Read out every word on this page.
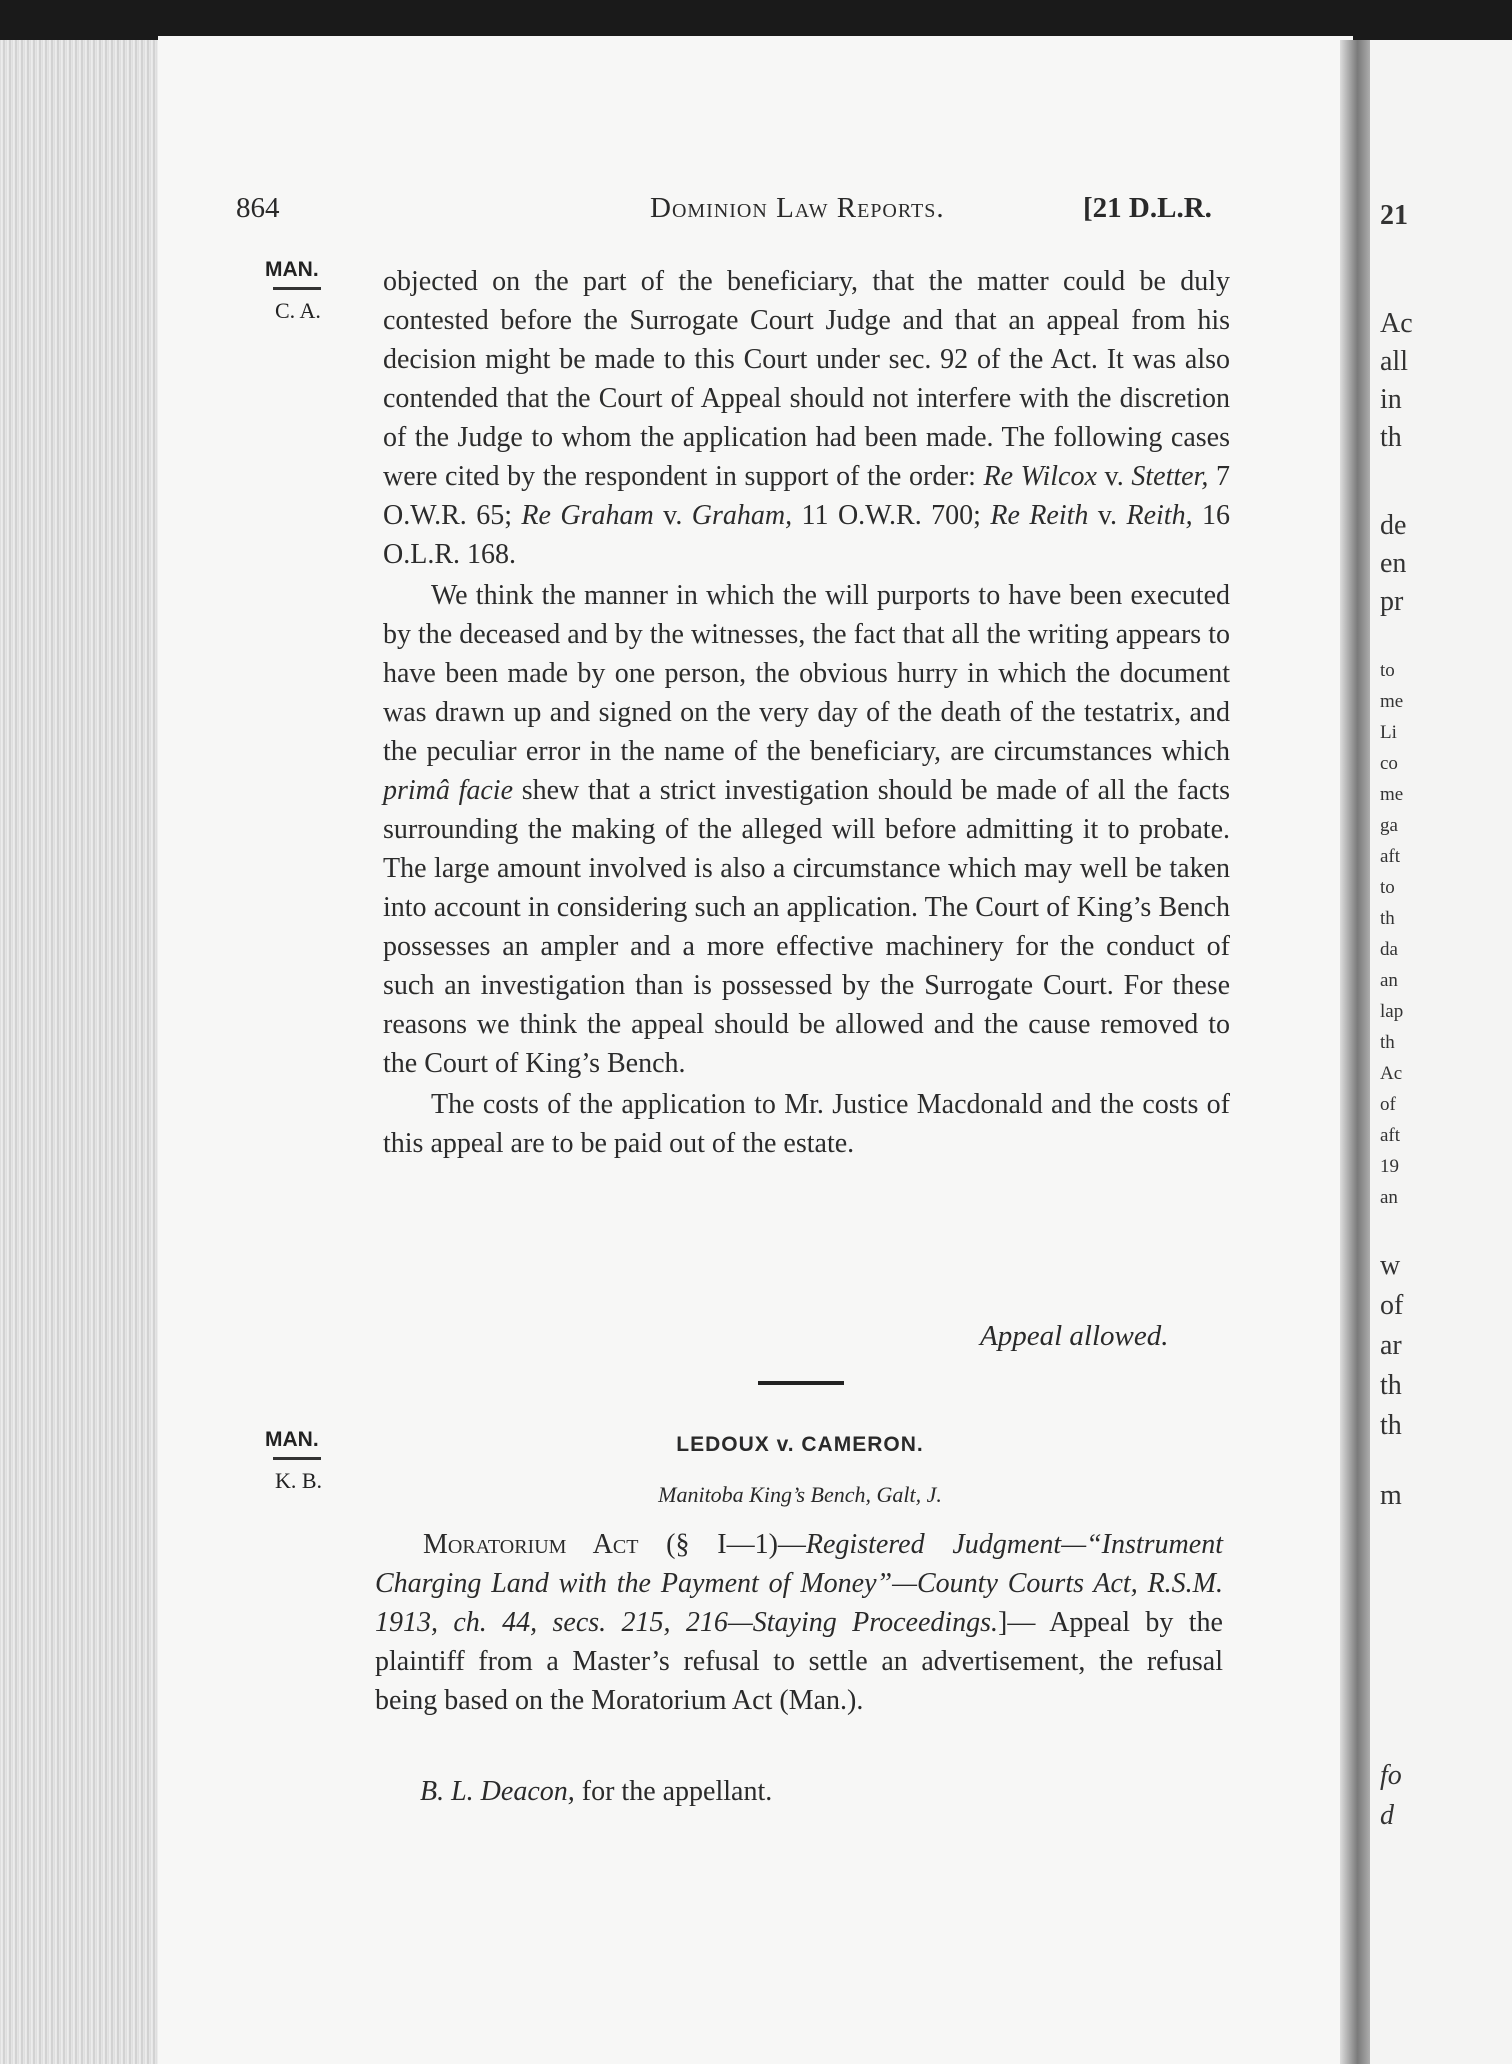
21
Ac
all
in
th
de
en
pr
to
me
Li
co
me
ga
aft
to
th
da
an
lap
th
Ac
of
aft
19
an
w
of
ar
th
th
m
fo
d
864	Dominion Law Reports.	[21 D.L.R.
MAN.
C. A.

objected on the part of the beneficiary, that the matter could be duly contested before the Surrogate Court Judge and that an appeal from his decision might be made to this Court under sec. 92 of the Act. It was also contended that the Court of Appeal should not interfere with the discretion of the Judge to whom the application had been made. The following cases were cited by the respondent in support of the order: Re Wilcox v. Stetter, 7 O.W.R. 65; Re Graham v. Graham, 11 O.W.R. 700; Re Reith v. Reith, 16 O.L.R. 168.

We think the manner in which the will purports to have been executed by the deceased and by the witnesses, the fact that all the writing appears to have been made by one person, the obvious hurry in which the document was drawn up and signed on the very day of the death of the testatrix, and the peculiar error in the name of the beneficiary, are circumstances which primâ facie shew that a strict investigation should be made of all the facts surrounding the making of the alleged will before admitting it to probate. The large amount involved is also a circumstance which may well be taken into account in considering such an application. The Court of King’s Bench possesses an ampler and a more effective machinery for the conduct of such an investigation than is possessed by the Surrogate Court. For these reasons we think the appeal should be allowed and the cause removed to the Court of King’s Bench.

The costs of the application to Mr. Justice Macdonald and the costs of this appeal are to be paid out of the estate.

Appeal allowed.
MAN.
K. B.
LEDOUX v. CAMERON.
Manitoba King’s Bench, Galt, J.

Moratorium Act (§ I—1)—Registered Judgment—“Instrument Charging Land with the Payment of Money”—County Courts Act, R.S.M. 1913, ch. 44, secs. 215, 216—Staying Proceedings.]— Appeal by the plaintiff from a Master’s refusal to settle an advertisement, the refusal being based on the Moratorium Act (Man.).

B. L. Deacon, for the appellant.
